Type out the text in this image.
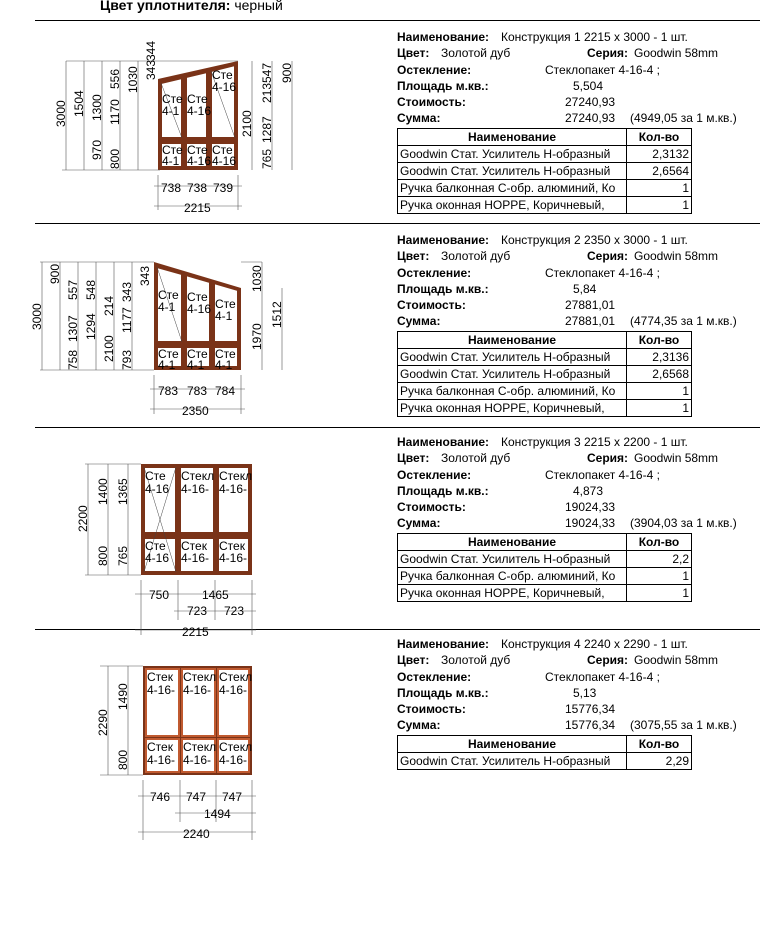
Цвет уплотнителя: черный
Сте
4-1
Сте
4-16
Сте
4-16
Сте
4-1
Сте
4-16
Сте
4-16
3000 1504 1300
970 800
1170
556 1030 343
344
213
547 900
2100 1287
765
738 738 739
2215
Наименование: Конструкция 1 2215 x 3000 - 1 шт.
Цвет: Золотой дуб	Серия: Goodwin 58mm
Остекление:	Стеклопакет 4-16-4 ;
Площадь м.кв.:	5,504
Стоимость:	27240,93
Сумма:	27240,93 (4949,05 за 1 м.кв.)
Наименование	Кол-во
Goodwin Стат. Усилитель Н-образный	2,3132
Goodwin Стат. Усилитель Н-образный	2,6564
Ручка балконная С-обр. алюминий, Ко	1
Ручка оконная HOPPE, Коричневый,	1
Сте
4-1
Сте
4-16 Сте
4-1
Сте
4-1
Сте
4-1
Сте
4-1
3000
900
1307
758
557
1294
2100
548
214
793
1177
343
343	1030
1970
1512
783 783 784
2350
Наименование: Конструкция 2 2350 x 3000 - 1 шт.
Цвет: Золотой дуб	Серия: Goodwin 58mm
Остекление:	Стеклопакет 4-16-4 ;
Площадь м.кв.:	5,84
Стоимость:	27881,01
Сумма:	27881,01 (4774,35 за 1 м.кв.)
Наименование	Кол-во
Goodwin Стат. Усилитель Н-образный	2,3136
Goodwin Стат. Усилитель Н-образный	2,6568
Ручка балконная С-обр. алюминий, Ко	1
Ручка оконная HOPPE, Коричневый,	1
Сте
4-16
Стекл
4-16-
Стекл
4-16-
Сте
4-16
Стек
4-16-
Стек
4-16-
2200
1400 1365
800 765
750
723 723
1465
2215
Наименование: Конструкция 3 2215 x 2200 - 1 шт.
Цвет: Золотой дуб	Серия: Goodwin 58mm
Остекление:	Стеклопакет 4-16-4 ;
Площадь м.кв.:	4,873
Стоимость:	19024,33
Сумма:	19024,33 (3904,03 за 1 м.кв.)
Наименование	Кол-во
Goodwin Стат. Усилитель Н-образный	2,2
Ручка балконная С-обр. алюминий, Ко	1
Ручка оконная HOPPE, Коричневый,	1
Стек
4-16-
Стекл
4-16-
Стекл
4-16-
Стек
4-16-
Стекл
4-16-
Стекл
4-16-
2290
1490
800
746 747 747
1494
2240
Наименование: Конструкция 4 2240 x 2290 - 1 шт.
Цвет: Золотой дуб	Серия: Goodwin 58mm
Остекление:	Стеклопакет 4-16-4 ;
Площадь м.кв.:	5,13
Стоимость:	15776,34
Сумма:	15776,34 (3075,55 за 1 м.кв.)
Наименование	Кол-во
Goodwin Стат. Усилитель Н-образный	2,29
